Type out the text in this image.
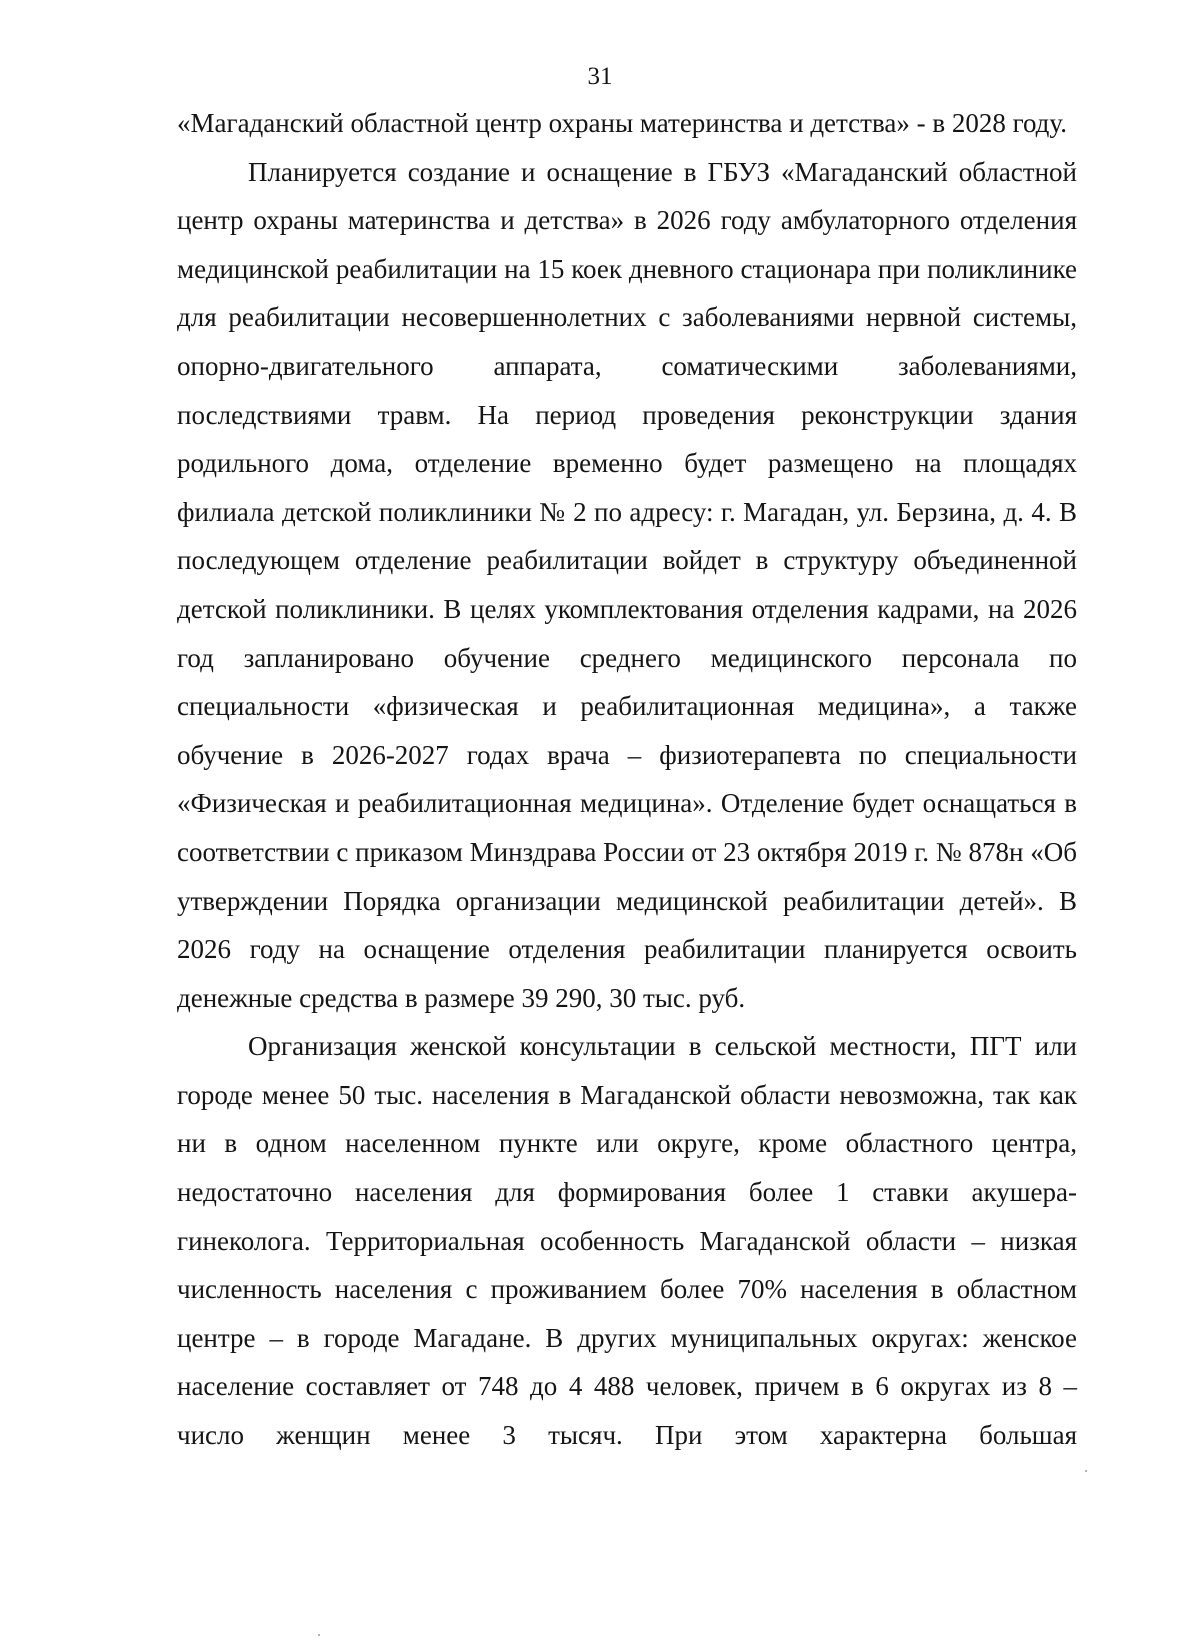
31

«Магаданский областной центр охраны материнства и детства» - в 2028 году.

Планируется создание и оснащение в ГБУЗ «Магаданский областной центр охраны материнства и детства» в 2026 году амбулаторного отделения медицинской реабилитации на 15 коек дневного стационара при поликлинике для реабилитации несовершеннолетних с заболеваниями нервной системы, опорно-двигательного аппарата, соматическими заболеваниями, последствиями травм. На период проведения реконструкции здания родильного дома, отделение временно будет размещено на площадях филиала детской поликлиники № 2 по адресу: г. Магадан, ул. Берзина, д. 4. В последующем отделение реабилитации войдет в структуру объединенной детской поликлиники. В целях укомплектования отделения кадрами, на 2026 год запланировано обучение среднего медицинского персонала по специальности «физическая и реабилитационная медицина», а также обучение в 2026-2027 годах врача – физиотерапевта по специальности «Физическая и реабилитационная медицина». Отделение будет оснащаться в соответствии с приказом Минздрава России от 23 октября 2019 г. № 878н «Об утверждении Порядка организации медицинской реабилитации детей». В 2026 году на оснащение отделения реабилитации планируется освоить денежные средства в размере 39 290, 30 тыс. руб.

Организация женской консультации в сельской местности, ПГТ или городе менее 50 тыс. населения в Магаданской области невозможна, так как ни в одном населенном пункте или округе, кроме областного центра, недостаточно населения для формирования более 1 ставки акушера-гинеколога. Территориальная особенность Магаданской области – низкая численность населения с проживанием более 70% населения в областном центре – в городе Магадане. В других муниципальных округах: женское население составляет от 748 до 4 488 человек, причем в 6 округах из 8 – число женщин менее 3 тысяч. При этом характерна большая
